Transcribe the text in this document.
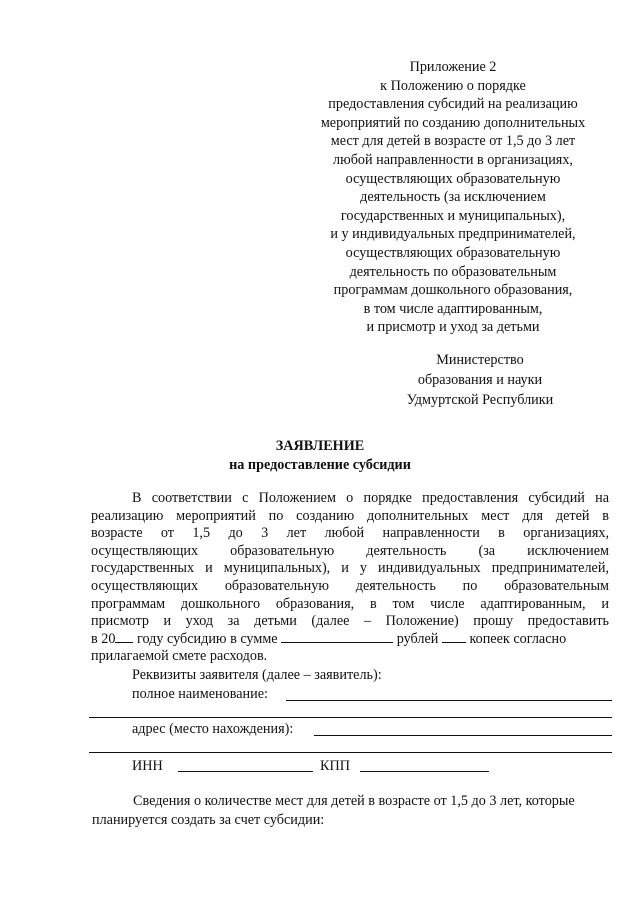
Приложение 2
к Положению о порядке
предоставления субсидий на реализацию
мероприятий по созданию дополнительных
мест для детей в возрасте от 1,5 до 3 лет
любой направленности в организациях,
осуществляющих образовательную
деятельность (за исключением
государственных и муниципальных),
и у индивидуальных предпринимателей,
осуществляющих образовательную
деятельность по образовательным
программам дошкольного образования,
в том числе адаптированным,
и присмотр и уход за детьми
Министерство
образования и науки
Удмуртской Республики
ЗАЯВЛЕНИЕ
на предоставление субсидии
В соответствии с Положением о порядке предоставления субсидий на
реализацию мероприятий по созданию дополнительных мест для детей в
возрасте от 1,5 до 3 лет любой направленности в организациях,
осуществляющих образовательную деятельность (за исключением
государственных и муниципальных), и у индивидуальных предпринимателей,
осуществляющих образовательную деятельность по образовательным
программам дошкольного образования, в том числе адаптированным, и
присмотр и уход за детьми (далее – Положение) прошу предоставить
в 20 году субсидию в сумме	рублей  копеек согласно
прилагаемой смете расходов.
Реквизиты заявителя (далее – заявитель):
полное наименование:
адрес (место нахождения):
ИНН	КПП
Сведения о количестве мест для детей в возрасте от 1,5 до 3 лет, которые
планируется создать за счет субсидии:
